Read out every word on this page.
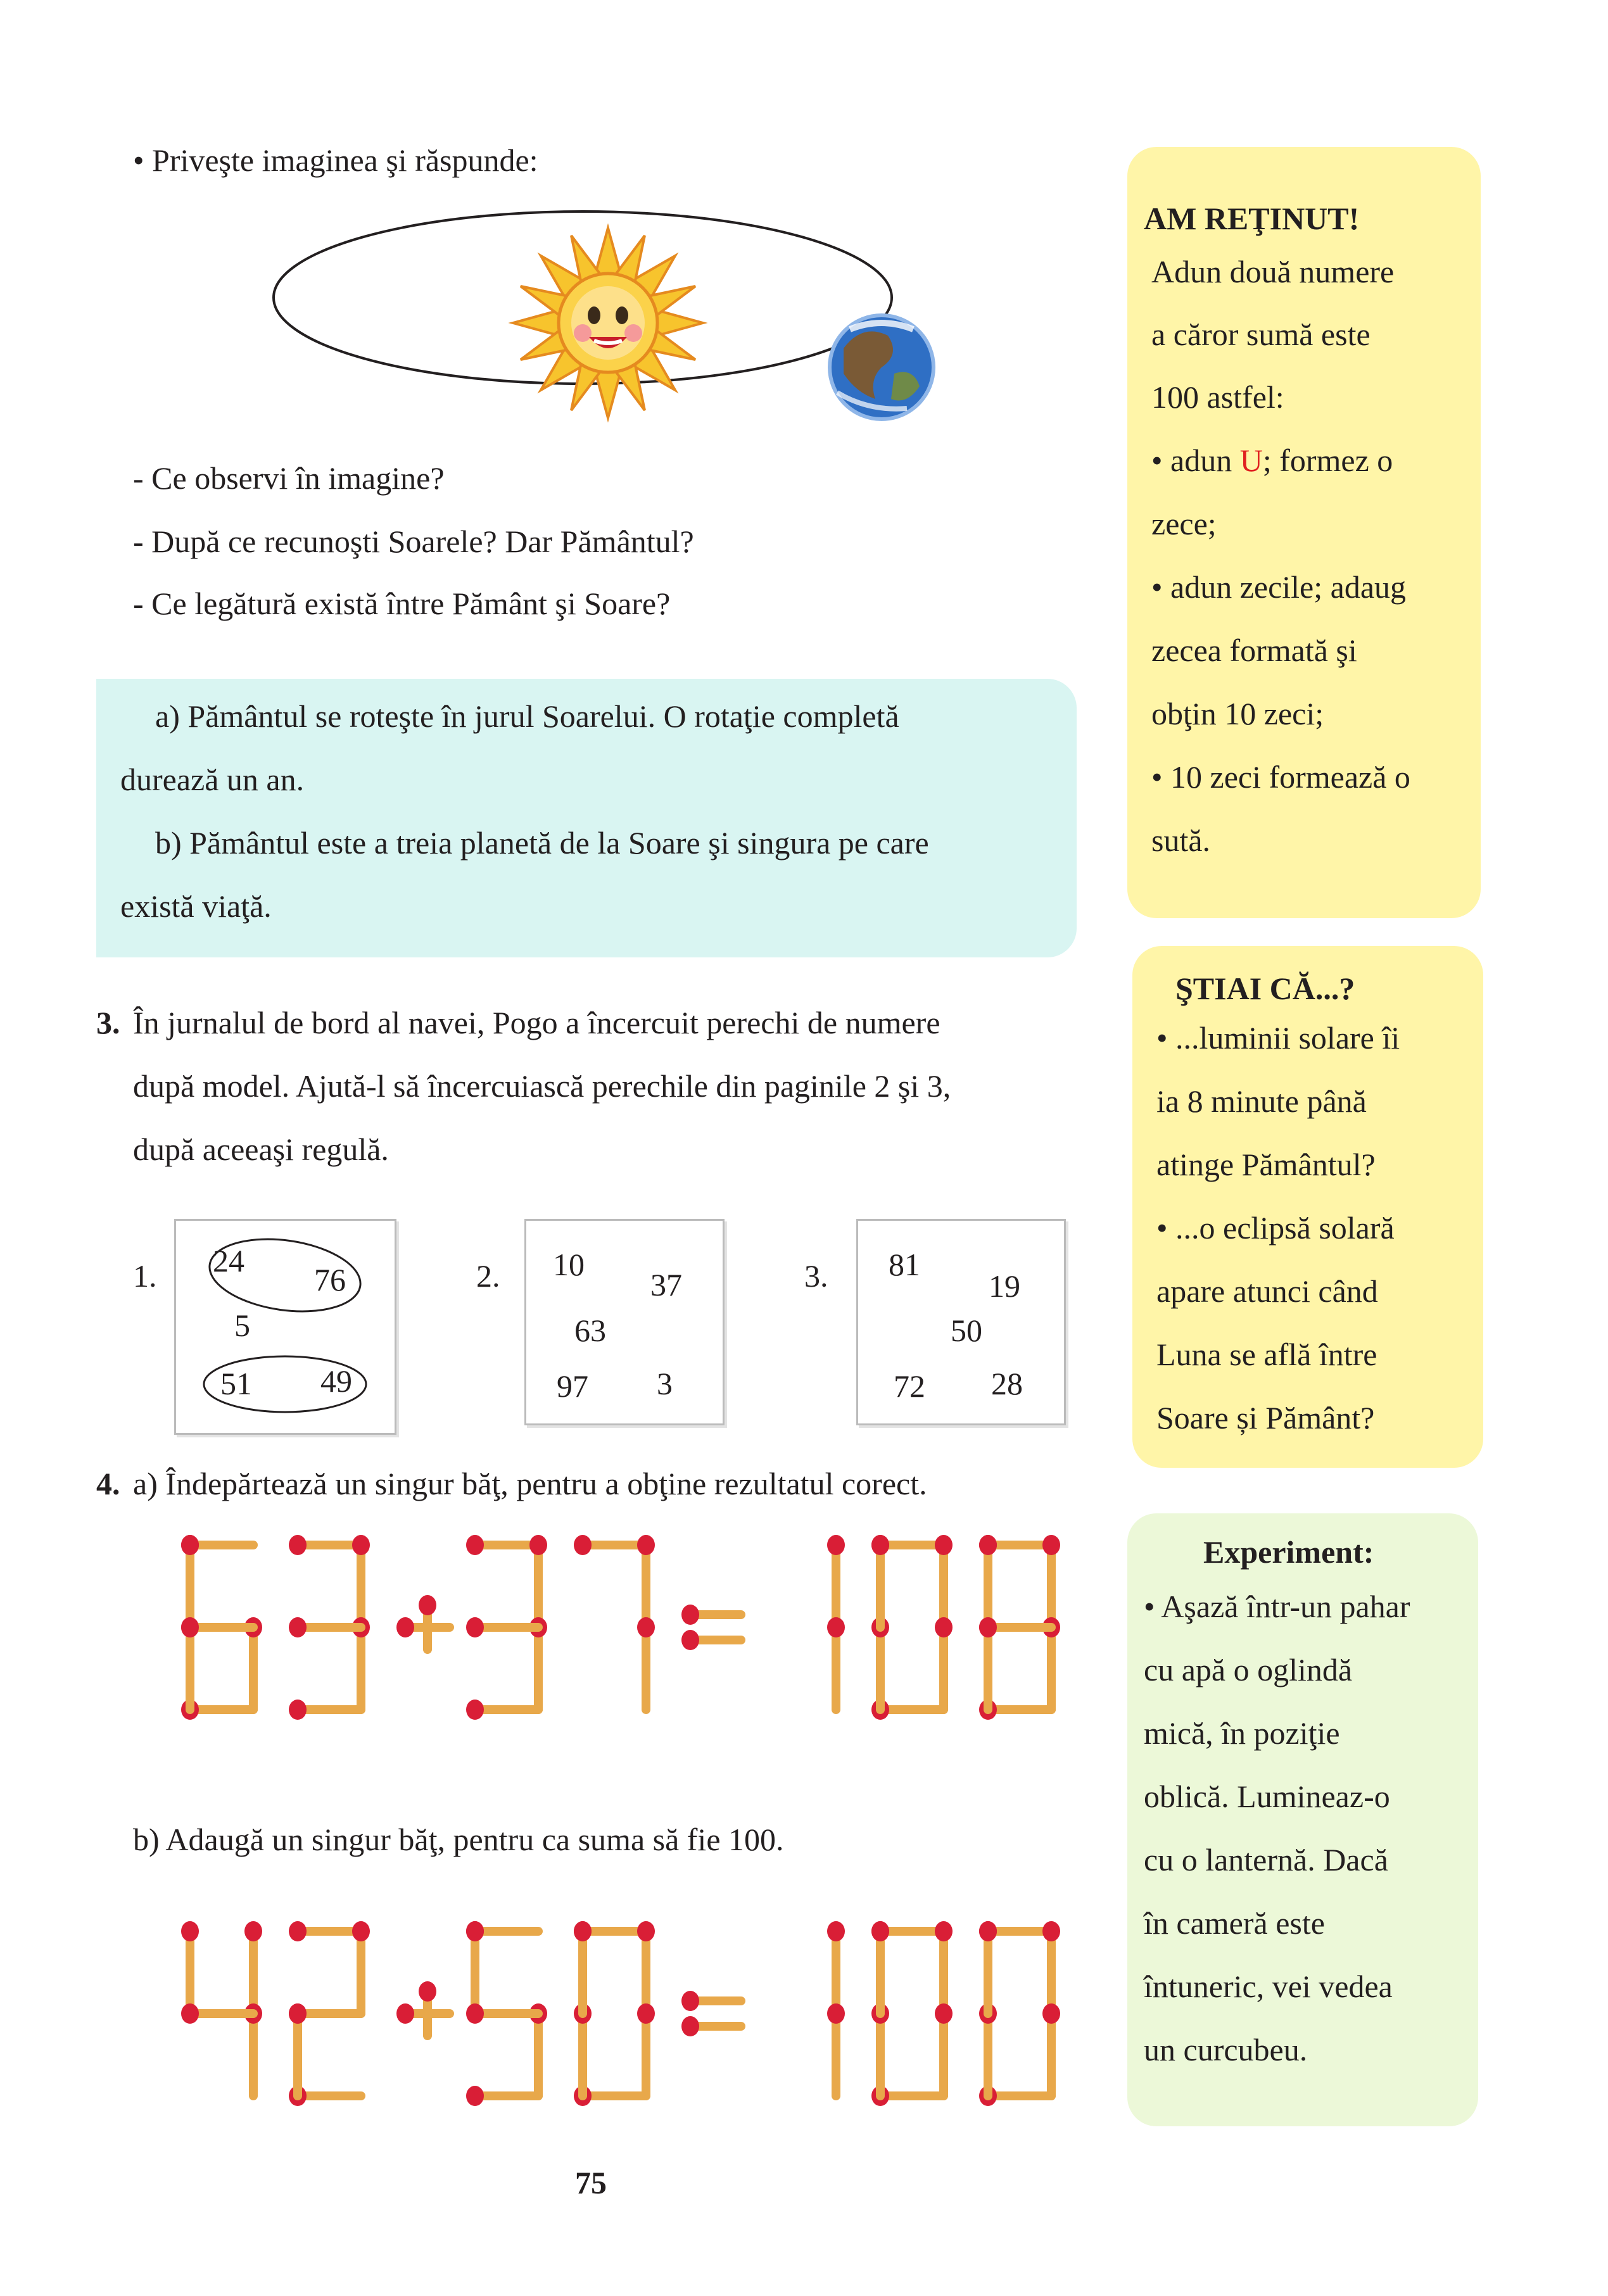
• Priveşte imaginea şi răspunde:
- Ce observi în imagine?
- După ce recunoşti Soarele? Dar Pământul?
- Ce legătură există între Pământ şi Soare?
a) Pământul se roteşte în jurul Soarelui. O rotaţie completă
durează un an.
b) Pământul este a treia planetă de la Soare şi singura pe care
există viaţă.
3. În jurnalul de bord al navei, Pogo a încercuit perechi de numere
după model. Ajută-l să încercuiască perechile din paginile 2 şi 3,
după aceeaşi regulă.
1. 24
76
5
51 49
2. 10
37
63
97 3
3. 81
19
50
72 28
4. a) Îndepărtează un singur băţ, pentru a obţine rezultatul corect.
b) Adaugă un singur băţ, pentru ca suma să fie 100.
75
AM REŢINUT!
Adun două numere
a căror sumă este
100 astfel:
• adun U; formez o
zece;
• adun zecile; adaug
zecea formată şi
obţin 10 zeci;
• 10 zeci formează o
sută.
ŞTIAI CĂ...?
• ...luminii solare îi
ia 8 minute până
atinge Pământul?
• ...o eclipsă solară
apare atunci când
Luna se află între
Soare și Pământ?
Experiment:
• Aşază într-un pahar
cu apă o oglindă
mică, în poziţie
oblică. Lumineaz-o
cu o lanternă. Dacă
în cameră este
întuneric, vei vedea
un curcubeu.
